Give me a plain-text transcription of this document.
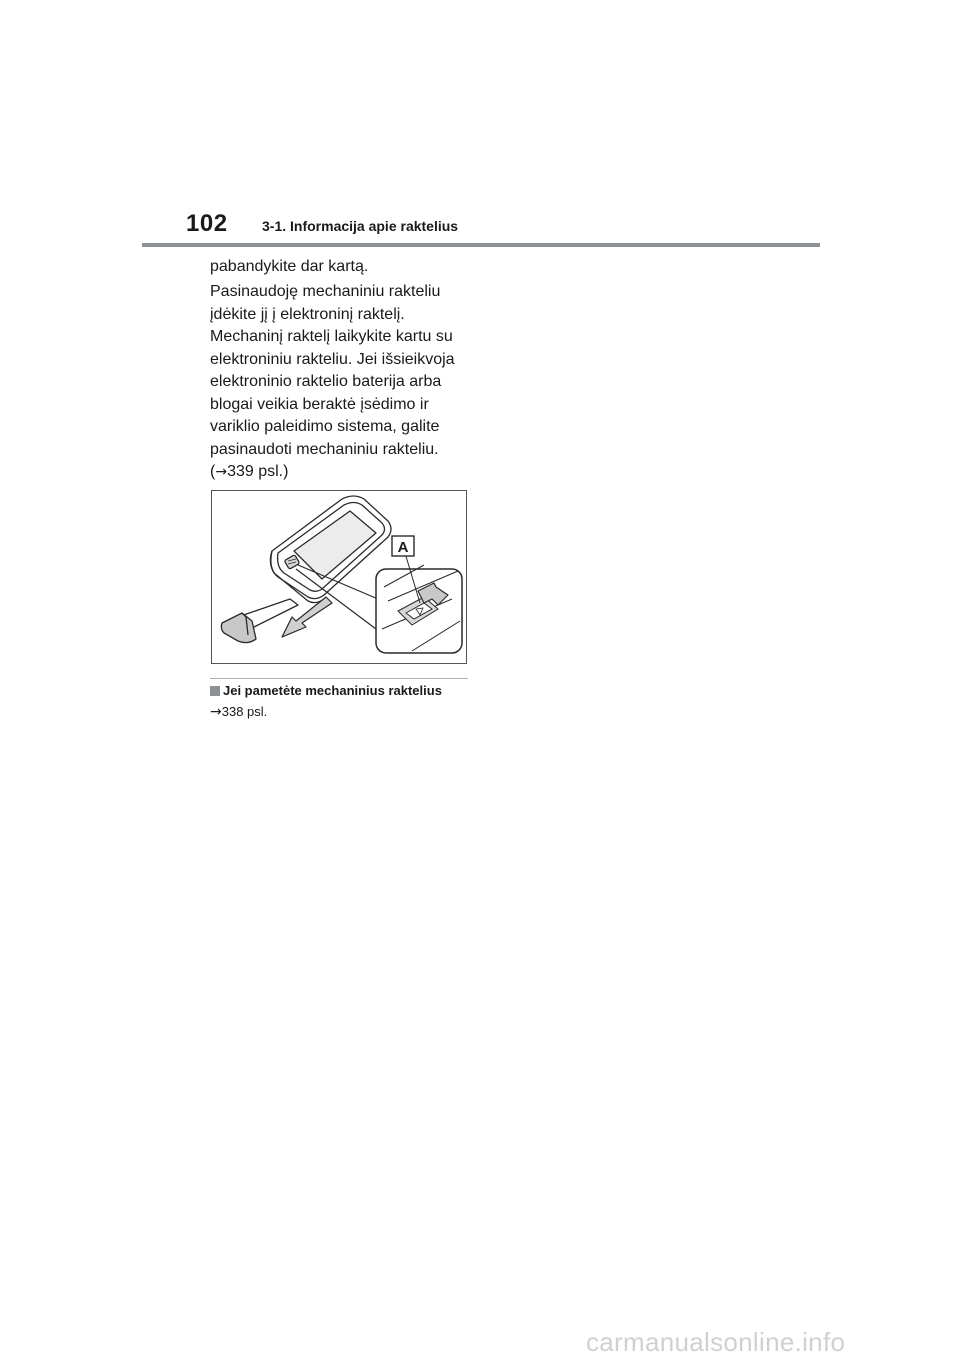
102 3-1. Informacija apie raktelius

pabandykite dar kartą.

Pasinaudoję mechaniniu rakteliu įdėkite jį į elektroninį raktelį. Mechaninį raktelį laikykite kartu su elektroniniu rakteliu. Jei išsieikvoja elektroninio raktelio baterija arba blogai veikia beraktė įsėdimo ir variklio paleidimo sistema, galite pasinaudoti mechaniniu rakteliu.
(→339 psl.)

A
Jei pametėte mechaninius raktelius
→338 psl.
carmanualsonline.info
